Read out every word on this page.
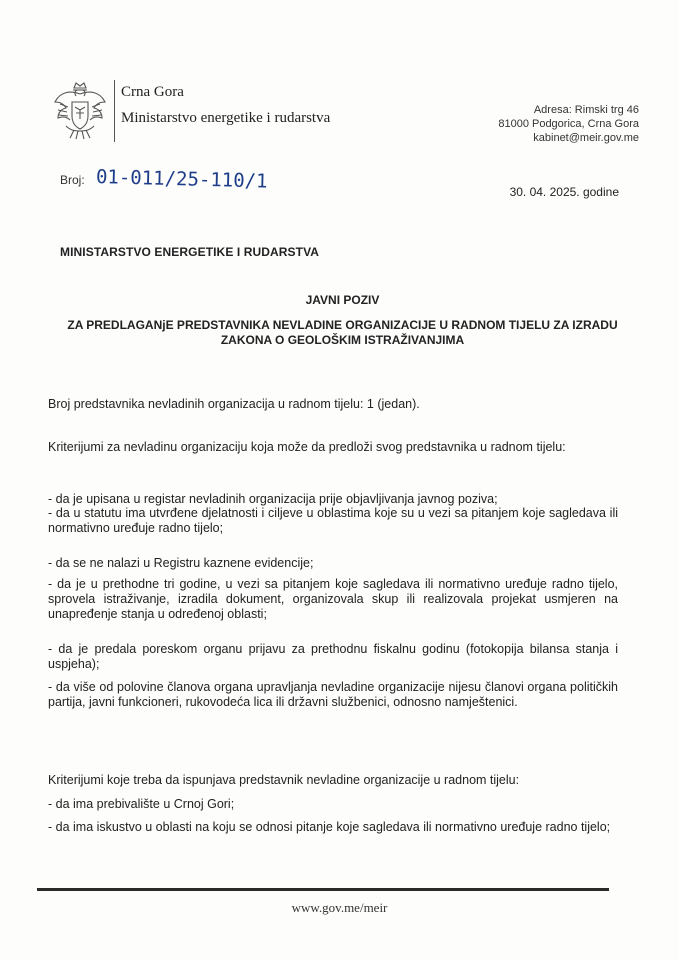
Crna Gora
Ministarstvo energetike i rudarstva	Adresa: Rimski trg 46
81000 Podgorica, Crna Gora
kabinet@meir.gov.me
Broj: 01-011/25-110/1	30. 04. 2025. godine
MINISTARSTVO ENERGETIKE I RUDARSTVA
JAVNI POZIV
ZA PREDLAGANjE PREDSTAVNIKA NEVLADINE ORGANIZACIJE U RADNOM TIJELU ZA IZRADU ZAKONA O GEOLOŠKIM ISTRAŽIVANJIMA

Broj predstavnika nevladinih organizacija u radnom tijelu: 1 (jedan).

Kriterijumi za nevladinu organizaciju koja može da predloži svog predstavnika u radnom tijelu:

- da je upisana u registar nevladinih organizacija prije objavljivanja javnog poziva;

- da u statutu ima utvrđene djelatnosti i ciljeve u oblastima koje su u vezi sa pitanjem koje sagledava ili normativno uređuje radno tijelo;

- da se ne nalazi u Registru kaznene evidencije;

- da je u prethodne tri godine, u vezi sa pitanjem koje sagledava ili normativno uređuje radno tijelo, sprovela istraživanje, izradila dokument, organizovala skup ili realizovala projekat usmjeren na unapređenje stanja u određenoj oblasti;

- da je predala poreskom organu prijavu za prethodnu fiskalnu godinu (fotokopija bilansa stanja i uspjeha);

- da više od polovine članova organa upravljanja nevladine organizacije nijesu članovi organa političkih partija, javni funkcioneri, rukovodeća lica ili državni službenici, odnosno namještenici.

Kriterijumi koje treba da ispunjava predstavnik nevladine organizacije u radnom tijelu:

- da ima prebivalište u Crnoj Gori;

- da ima iskustvo u oblasti na koju se odnosi pitanje koje sagledava ili normativno uređuje radno tijelo;

www.gov.me/meir
